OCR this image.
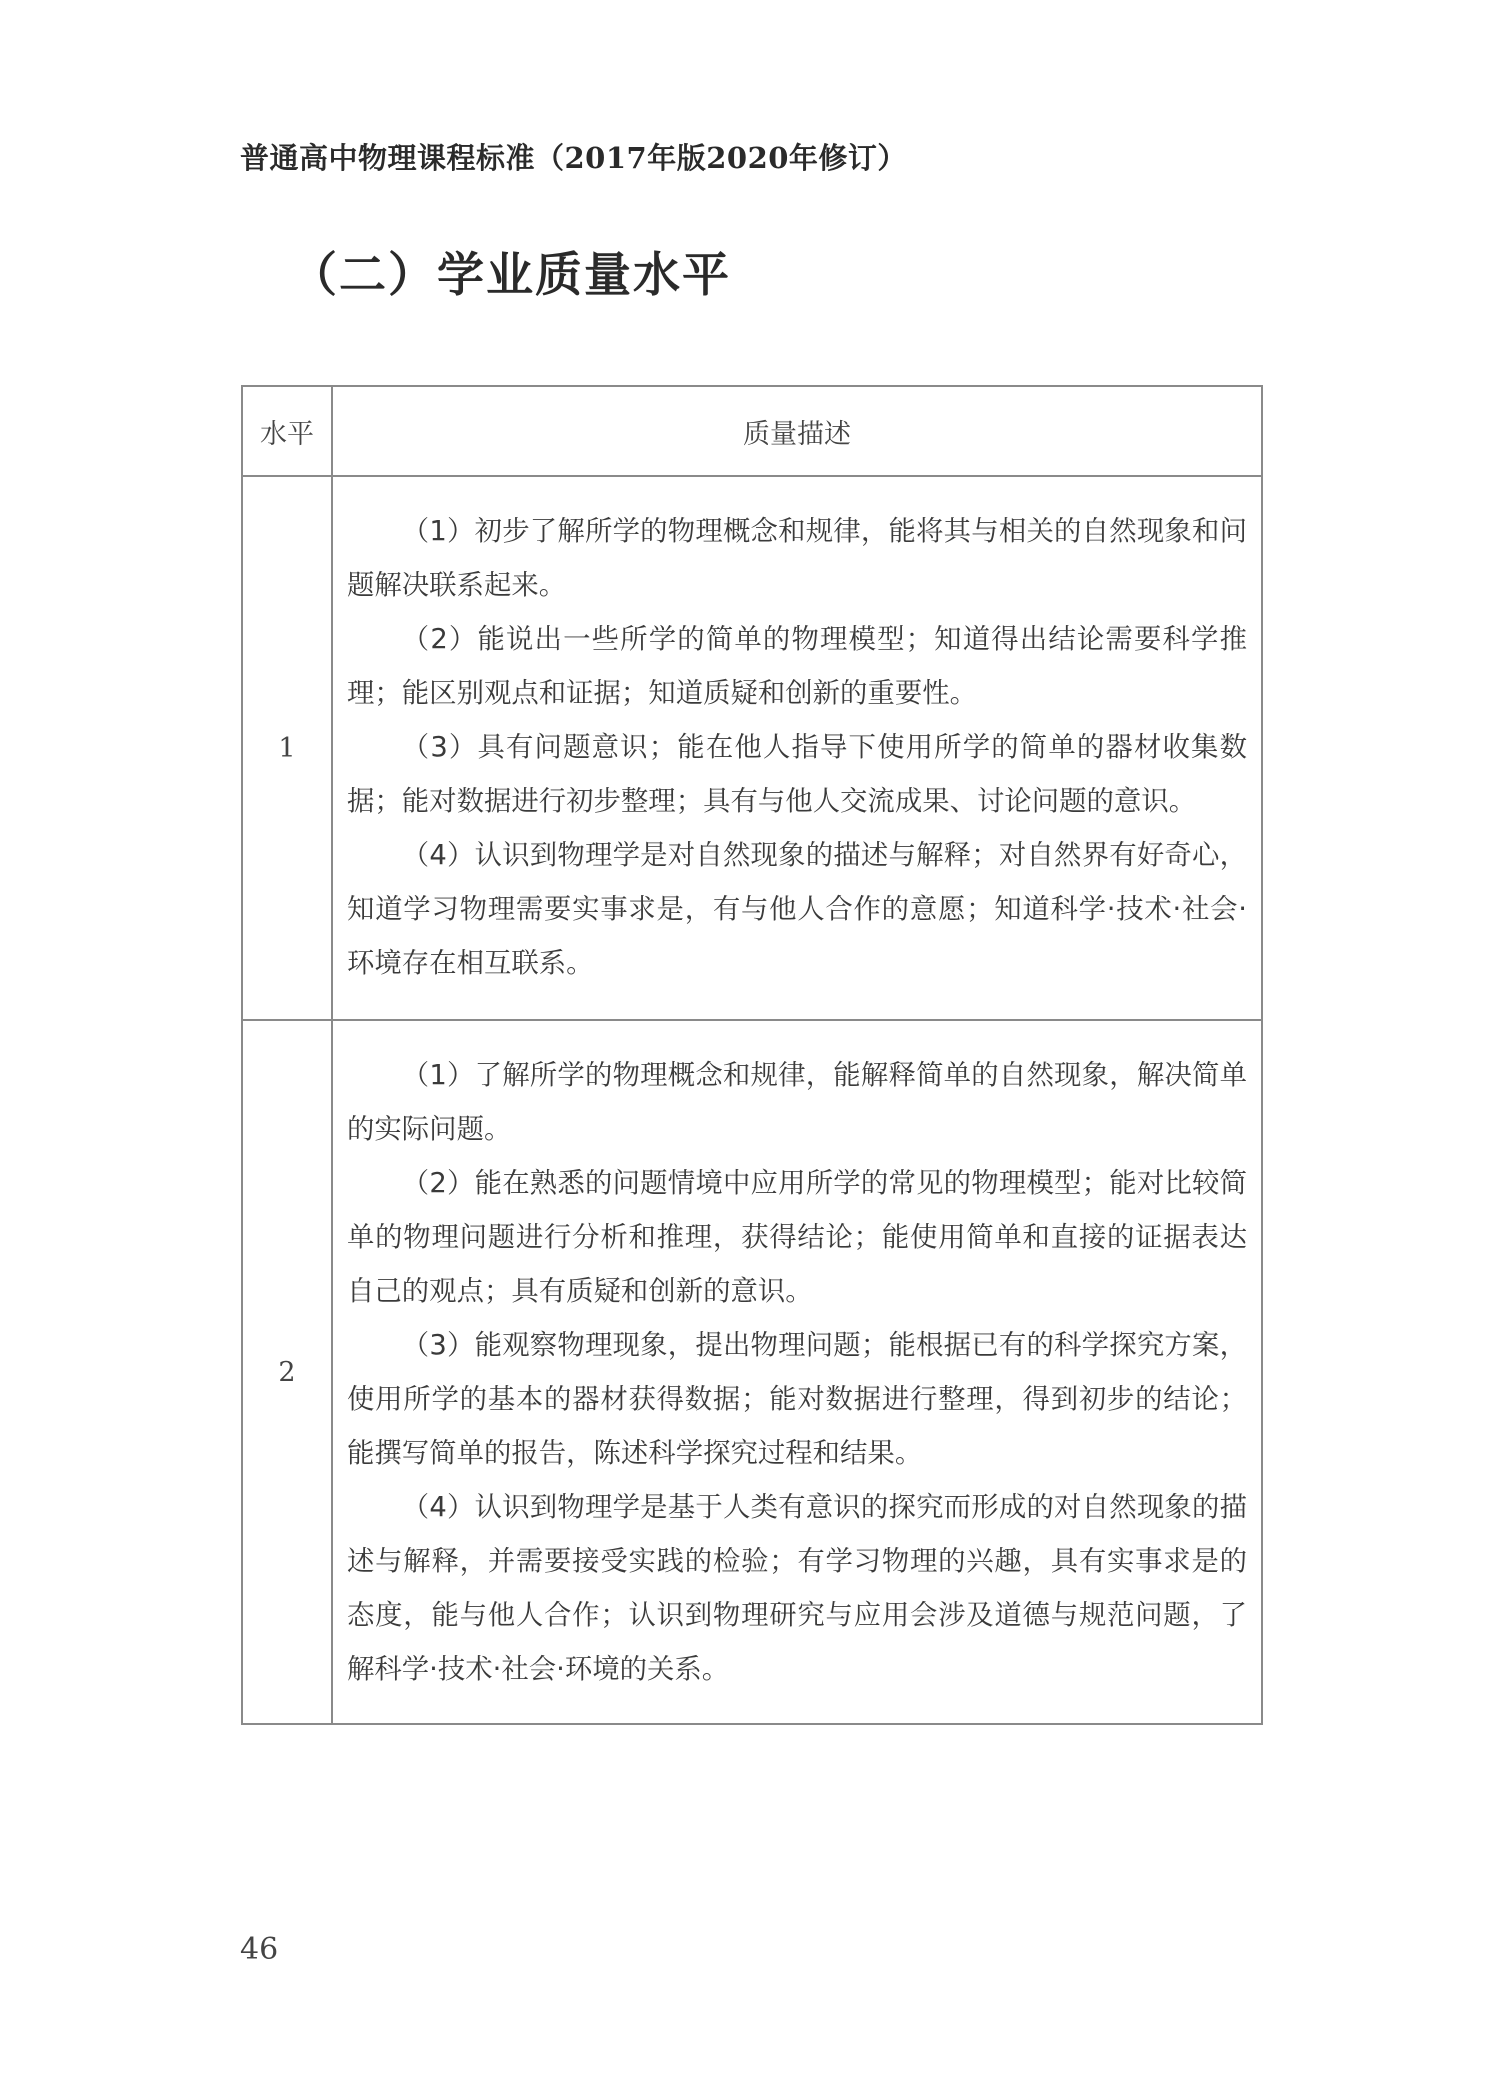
普通高中物理课程标准（2017年版2020年修订）
（二）学业质量水平
水平	质量描述
1	（1）初步了解所学的物理概念和规律，能将其与相关的自然现象和问题解决联系起来。

（2）能说出一些所学的简单的物理模型；知道得出结论需要科学推理；能区别观点和证据；知道质疑和创新的重要性。

（3）具有问题意识；能在他人指导下使用所学的简单的器材收集数据；能对数据进行初步整理；具有与他人交流成果、讨论问题的意识。

（4）认识到物理学是对自然现象的描述与解释；对自然界有好奇心，知道学习物理需要实事求是，有与他人合作的意愿；知道科学·技术·社会·环境存在相互联系。

2	（1）了解所学的物理概念和规律，能解释简单的自然现象，解决简单的实际问题。

（2）能在熟悉的问题情境中应用所学的常见的物理模型；能对比较简单的物理问题进行分析和推理，获得结论；能使用简单和直接的证据表达自己的观点；具有质疑和创新的意识。

（3）能观察物理现象，提出物理问题；能根据已有的科学探究方案，使用所学的基本的器材获得数据；能对数据进行整理，得到初步的结论；能撰写简单的报告，陈述科学探究过程和结果。

（4）认识到物理学是基于人类有意识的探究而形成的对自然现象的描述与解释，并需要接受实践的检验；有学习物理的兴趣，具有实事求是的态度，能与他人合作；认识到物理研究与应用会涉及道德与规范问题，了解科学·技术·社会·环境的关系。

46
